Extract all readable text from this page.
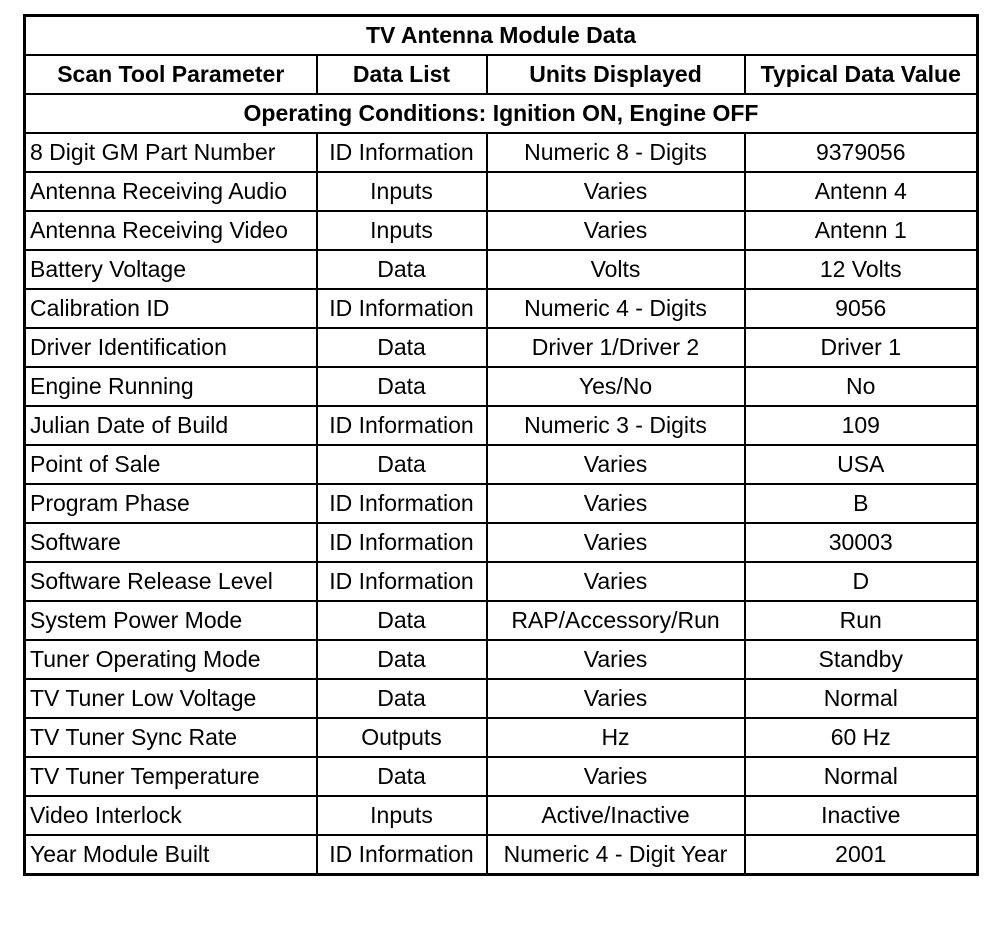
TV Antenna Module Data			
Scan Tool Parameter	Data List	Units Displayed	Typical Data Value
Operating Conditions: Ignition ON, Engine OFF			
8 Digit GM Part Number	ID Information	Numeric 8 - Digits	9379056
Antenna Receiving Audio	Inputs	Varies	Antenn 4
Antenna Receiving Video	Inputs	Varies	Antenn 1
Battery Voltage	Data	Volts	12 Volts
Calibration ID	ID Information	Numeric 4 - Digits	9056
Driver Identification	Data	Driver 1/Driver 2	Driver 1
Engine Running	Data	Yes/No	No
Julian Date of Build	ID Information	Numeric 3 - Digits	109
Point of Sale	Data	Varies	USA
Program Phase	ID Information	Varies	B
Software	ID Information	Varies	30003
Software Release Level	ID Information	Varies	D
System Power Mode	Data	RAP/Accessory/Run	Run
Tuner Operating Mode	Data	Varies	Standby
TV Tuner Low Voltage	Data	Varies	Normal
TV Tuner Sync Rate	Outputs	Hz	60 Hz
TV Tuner Temperature	Data	Varies	Normal
Video Interlock	Inputs	Active/Inactive	Inactive
Year Module Built	ID Information	Numeric 4 - Digit Year	2001
